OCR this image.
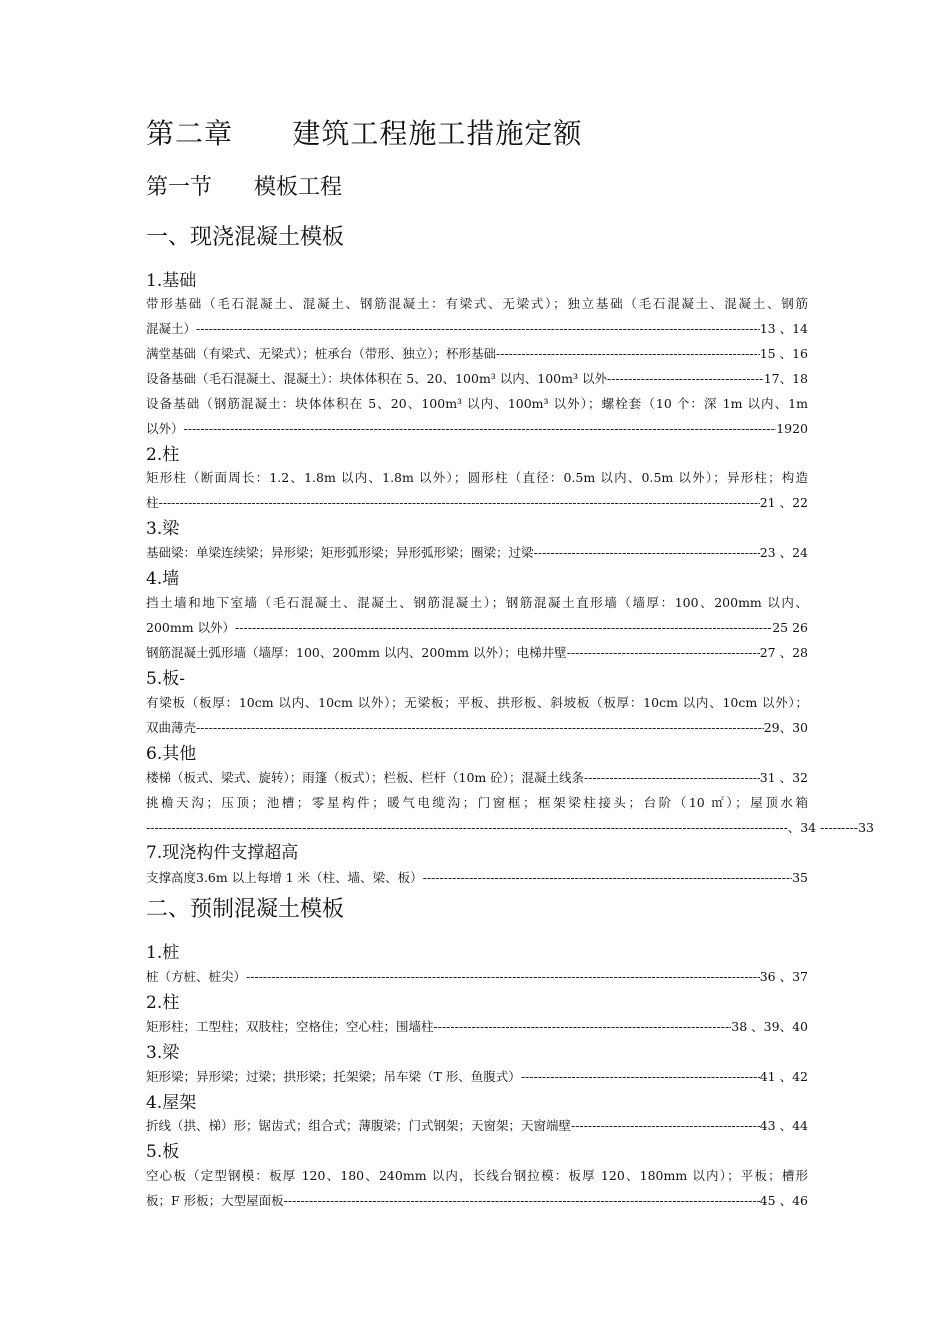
第二章      建筑工程施工措施定额
第一节      模板工程
一、现浇混凝土模板
1.基础
带形基础（毛石混凝土、混凝土、钢筋混凝土：有梁式、无梁式）；独立基础（毛石混凝土、混凝土、钢筋
混凝土） -----	13 、14
满堂基础（有梁式、无梁式）；桩承台（带形、独立）；杯形基础 -----	15 、16
设备基础（毛石混凝土、混凝土）：块体体积在 5、20、100m³ 以内、100m³ 以外 -----	17、18
设备基础（钢筋混凝土：块体体积在 5、20、100m³ 以内、100m³ 以外）；螺栓套（10 个：深 1m 以内、1m
以外） -----	1920
2.柱
矩形柱（断面周长：1.2、1.8m 以内、1.8m 以外）；圆形柱（直径：0.5m 以内、0.5m 以外）；异形柱；构造
柱 -----	21 、22
3.梁
基础梁：单梁连续梁；异形梁；矩形弧形梁；异形弧形梁；圈梁；过梁 -----	23 、24
4.墙
挡土墙和地下室墙（毛石混凝土、混凝土、钢筋混凝土）；钢筋混凝土直形墙（墙厚：100、200mm 以内、
200mm 以外） -----	25 26
钢筋混凝土弧形墙（墙厚：100、200mm 以内、200mm 以外）；电梯井壁 -----	27 、28
5.板-
有梁板（板厚：10cm 以内、10cm 以外）；无梁板；平板、拱形板、斜坡板（板厚：10cm 以内、10cm 以外）；
双曲薄壳 -----	29、30
6.其他
楼梯（板式、梁式、旋转）；雨篷（板式）；栏板、栏杆（10m 砼）；混凝土线条 -----	31 、32
挑檐天沟；压顶；池槽；零星构件；暖气电缆沟；门窗框；框架梁柱接头；台阶（10 ㎡）；屋顶水箱
-----
、34 ---------33
7.现浇构件支撑超高
支撑高度3.6m 以上每增 1 米（柱、墙、梁、板） -----	35
二、预制混凝土模板
1.桩
桩（方桩、桩尖） -----	36 、37
2.柱
矩形柱；工型柱；双肢柱；空格住；空心柱；围墙柱 -----	38 、39、40
3.梁
矩形梁；异形梁；过梁；拱形梁；托架梁；吊车梁（T 形、鱼腹式） -----	41 、42
4.屋架
折线（拱、梯）形；锯齿式；组合式；薄腹梁；门式钢架；天窗架；天窗端壁 -----	43 、44
5.板
空心板（定型钢模：板厚 120、180、240mm 以内，长线台钢拉模：板厚 120、180mm 以内）；平板；槽形
板；F 形板；大型屋面板 -----	45 、46
